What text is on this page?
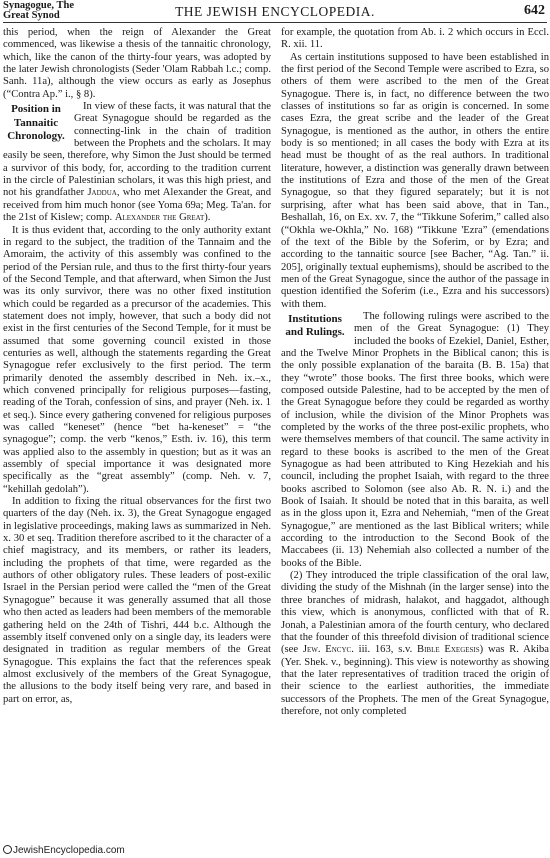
Synagogue, The Great Synod	THE JEWISH ENCYCLOPEDIA.	642

this period, when the reign of Alexander the Great commenced, was likewise a thesis of the tannaitic chronology, which, like the canon of the thirty-four years, was adopted by the later Jewish chronologists (Seder 'Olam Rabbah l.c.; comp. Sanh. 11a), although the view occurs as early as Josephus (“Contra Ap.” i., § 8).

Position in Tannaitic Chronology.
In view of these facts, it was natural that the Great Synagogue should be regarded as the connecting-link in the chain of tradition between the Prophets and the scholars. It may easily be seen, therefore, why Simon the Just should be termed a survivor of this body, for, according to the tradition current in the circle of Palestinian scholars, it was this high priest, and not his grandfather Jaddua, who met Alexander the Great, and received from him much honor (see Yoma 69a; Meg. Ta'an. for the 21st of Kislew; comp. Alexander the Great).

It is thus evident that, according to the only authority extant in regard to the subject, the tradition of the Tannaim and the Amoraim, the activity of this assembly was confined to the period of the Persian rule, and thus to the first thirty-four years of the Second Temple, and that afterward, when Simon the Just was its only survivor, there was no other fixed institution which could be regarded as a precursor of the academies. This statement does not imply, however, that such a body did not exist in the first centuries of the Second Temple, for it must be assumed that some governing council existed in those centuries as well, although the statements regarding the Great Synagogue refer exclusively to the first period. The term primarily denoted the assembly described in Neh. ix.–x., which convened principally for religious purposes—fasting, reading of the Torah, confession of sins, and prayer (Neh. ix. 1 et seq.). Since every gathering convened for religious purposes was called “keneset” (hence “bet ha-keneset” = “the synagogue”; comp. the verb “kenos,” Esth. iv. 16), this term was applied also to the assembly in question; but as it was an assembly of special importance it was designated more specifically as the “great assembly” (comp. Neh. v. 7, “kehillah gedolah”).

In addition to fixing the ritual observances for the first two quarters of the day (Neh. ix. 3), the Great Synagogue engaged in legislative proceedings, making laws as summarized in Neh. x. 30 et seq. Tradition therefore ascribed to it the character of a chief magistracy, and its members, or rather its leaders, including the prophets of that time, were regarded as the authors of other obligatory rules. These leaders of post-exilic Israel in the Persian period were called the “men of the Great Synagogue” because it was generally assumed that all those who then acted as leaders had been members of the memorable gathering held on the 24th of Tishri, 444 b.c. Although the assembly itself convened only on a single day, its leaders were designated in tradition as regular members of the Great Synagogue. This explains the fact that the references speak almost exclusively of the members of the Great Synagogue, the allusions to the body itself being very rare, and based in part on error, as,

for example, the quotation from Ab. i. 2 which occurs in Eccl. R. xii. 11.

As certain institutions supposed to have been established in the first period of the Second Temple were ascribed to Ezra, so others of them were ascribed to the men of the Great Synagogue. There is, in fact, no difference between the two classes of institutions so far as origin is concerned. In some cases Ezra, the great scribe and the leader of the Great Synagogue, is mentioned as the author, in others the entire body is so mentioned; in all cases the body with Ezra at its head must be thought of as the real authors. In traditional literature, however, a distinction was generally drawn between the institutions of Ezra and those of the men of the Great Synagogue, so that they figured separately; but it is not surprising, after what has been said above, that in Tan., Beshallah, 16, on Ex. xv. 7, the “Tikkune Soferim,” called also (“Okhla we-Okhla,” No. 168) “Tikkune 'Ezra” (emendations of the text of the Bible by the Soferim, or by Ezra; and according to the tannaitic source [see Bacher, “Ag. Tan.” ii. 205], originally textual euphemisms), should be ascribed to the men of the Great Synagogue, since the author of the passage in question identified the Soferim (i.e., Ezra and his successors) with them.

Institutions and Rulings.
The following rulings were ascribed to the men of the Great Synagogue: (1) They included the books of Ezekiel, Daniel, Esther, and the Twelve Minor Prophets in the Biblical canon; this is the only possible explanation of the baraita (B. B. 15a) that they “wrote” those books. The first three books, which were composed outside Palestine, had to be accepted by the men of the Great Synagogue before they could be regarded as worthy of inclusion, while the division of the Minor Prophets was completed by the works of the three post-exilic prophets, who were themselves members of that council. The same activity in regard to these books is ascribed to the men of the Great Synagogue as had been attributed to King Hezekiah and his council, including the prophet Isaiah, with regard to the three books ascribed to Solomon (see also Ab. R. N. i.) and the Book of Isaiah. It should be noted that in this baraita, as well as in the gloss upon it, Ezra and Nehemiah, “men of the Great Synagogue,” are mentioned as the last Biblical writers; while according to the introduction to the Second Book of the Maccabees (ii. 13) Nehemiah also collected a number of the books of the Bible.

(2) They introduced the triple classification of the oral law, dividing the study of the Mishnah (in the larger sense) into the three branches of midrash, halakot, and haggadot, although this view, which is anonymous, conflicted with that of R. Jonah, a Palestinian amora of the fourth century, who declared that the founder of this threefold division of traditional science (see Jew. Encyc. iii. 163, s.v. Bible Exegesis) was R. Akiba (Yer. Shek. v., beginning). This view is noteworthy as showing that the later representatives of tradition traced the origin of their science to the earliest authorities, the immediate successors of the Prophets. The men of the Great Synagogue, therefore, not only completed

JewishEncyclopedia.com
